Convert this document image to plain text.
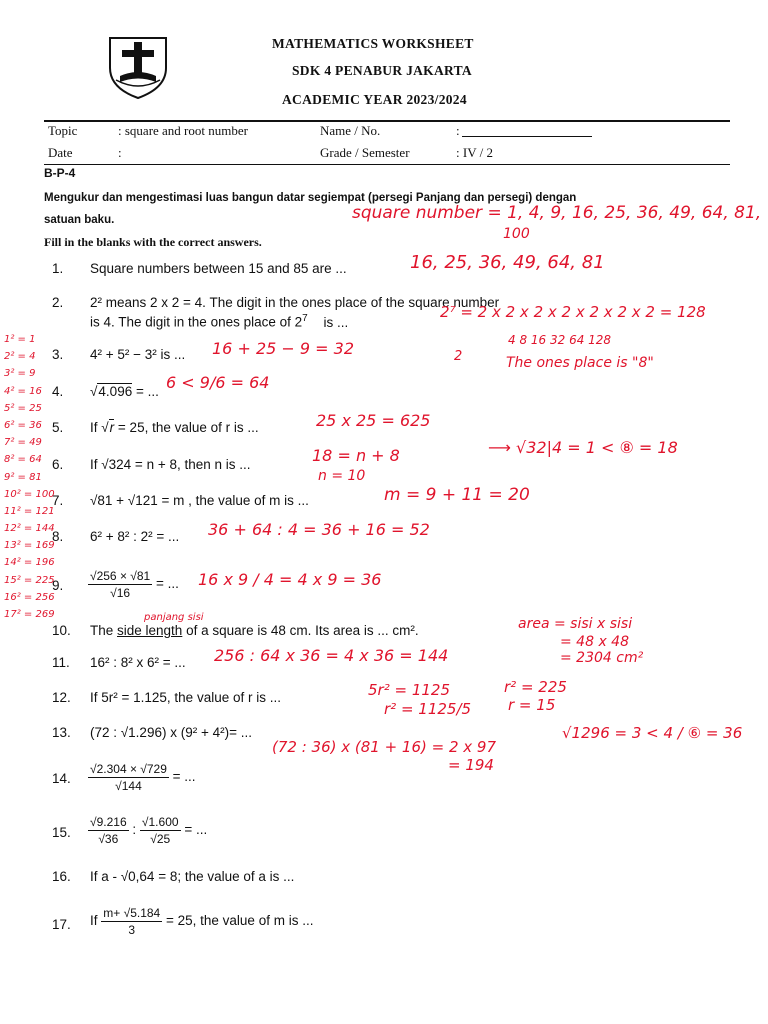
MATHEMATICS WORKSHEET
SDK 4 PENABUR JAKARTA
ACADEMIC YEAR 2023/2024
Topic	: square and root number	Name / No.	:
Date	:	Grade / Semester	: IV / 2
B-P-4
Mengukur dan mengestimasi luas bangun datar segiempat (persegi Panjang dan persegi) dengan
satuan baku.
Fill in the blanks with the correct answers.
square number = 1, 4, 9, 16, 25, 36, 49, 64, 81,
100
1. Square numbers between 15 and 85 are ...	16, 25, 36, 49, 64, 81
2. 2² means 2 x 2 = 4. The digit in the ones place of the square number
is 4. The digit in the ones place of $2^7$ is ...
2⁷ = 2 x 2 x 2 x 2 x 2 x 2 x 2 = 128
4 8 16 32 64 128
2	The ones place is "8"
3. 4² + 5² − 3² is ... 16 + 25 − 9 = 32
4. √4.096 = ... 6 < 9/6 = 64
5. If √r = 25, the value of r is ...	25 x 25 = 625
6. If √324 = n + 8, then n is ...	18 = n + 8
n = 10
⟶ √32|4 = 1 < ⑧ = 18
7. √81 + √121 = m , the value of m is ...	m = 9 + 11 = 20
8. 6² + 8² : 2² = ... 36 + 64 : 4 = 36 + 16 = 52
9. $\frac{√256 \times √81}{√16}$ = ... 16 x 9 / 4 = 4 x 9 = 36
10. The side length of a square is 48 cm. Its area is ... cm².
panjang sisi	area = sisi x sisi
= 48 x 48
= 2304 cm²
11. 16² : 8² x 6² = ... 256 : 64 x 36 = 4 x 36 = 144
12. If 5r² = 1.125, the value of r is ...	5r² = 1125
r² = 1125/5
r² = 225
r = 15
13. (72 : √1.296) x (9² + 4²)= ...
(72 : 36) x (81 + 16) = 2 x 97
= 194
√1296 = 3 < 4 / ⑥ = 36
14. $\frac{√2.304 \times √729}{√144}$ = ...
15. $\frac{√9.216}{√36}$ : $\frac{√1.600}{√25}$ = ...
16. If a - √0,64 = 8; the value of a is ...
17. If $\frac{m+ √5.184}{3} = 25$, the value of m is ...
1² = 1
2² = 4
3² = 9
4² = 16
5² = 25
6² = 36
7² = 49
8² = 64
9² = 81
10² = 100
11² = 121
12² = 144
13² = 169
14² = 196
15² = 225
16² = 256
17² = 269
